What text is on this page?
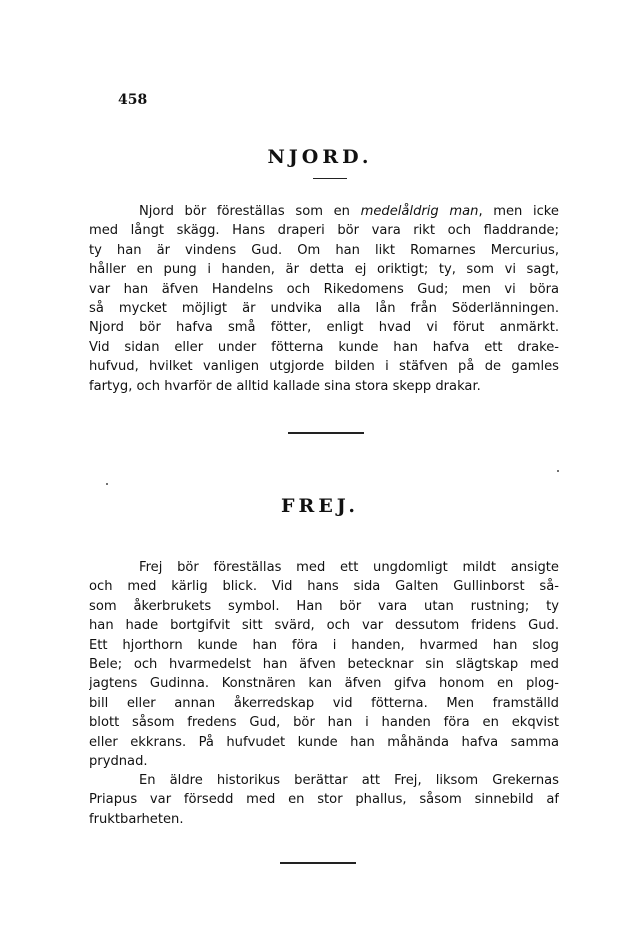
458
NJORD.
Njord bör föreställas som en medelåldrig man, men icke
med långt skägg. Hans draperi bör vara rikt och fladdrande;
ty han är vindens Gud. Om han likt Romarnes Mercurius,
håller en pung i handen, är detta ej oriktigt; ty, som vi sagt,
var han äfven Handelns och Rikedomens Gud; men vi böra
så mycket möjligt är undvika alla lån från Söderlänningen.
Njord bör hafva små fötter, enligt hvad vi förut anmärkt.
Vid sidan eller under fötterna kunde han hafva ett drake-
hufvud, hvilket vanligen utgjorde bilden i stäfven på de gamles
fartyg, och hvarför de alltid kallade sina stora skepp drakar.
FREJ.
Frej bör föreställas med ett ungdomligt mildt ansigte
och med kärlig blick. Vid hans sida Galten Gullinborst så-
som åkerbrukets symbol. Han bör vara utan rustning; ty
han hade bortgifvit sitt svärd, och var dessutom fridens Gud.
Ett hjorthorn kunde han föra i handen, hvarmed han slog
Bele; och hvarmedelst han äfven betecknar sin slägtskap med
jagtens Gudinna. Konstnären kan äfven gifva honom en plog-
bill eller annan åkerredskap vid fötterna. Men framställd
blott såsom fredens Gud, bör han i handen föra en ekqvist
eller ekkrans. På hufvudet kunde han måhända hafva samma
prydnad.
En äldre historikus berättar att Frej, liksom Grekernas
Priapus var försedd med en stor phallus, såsom sinnebild af
fruktbarheten.
